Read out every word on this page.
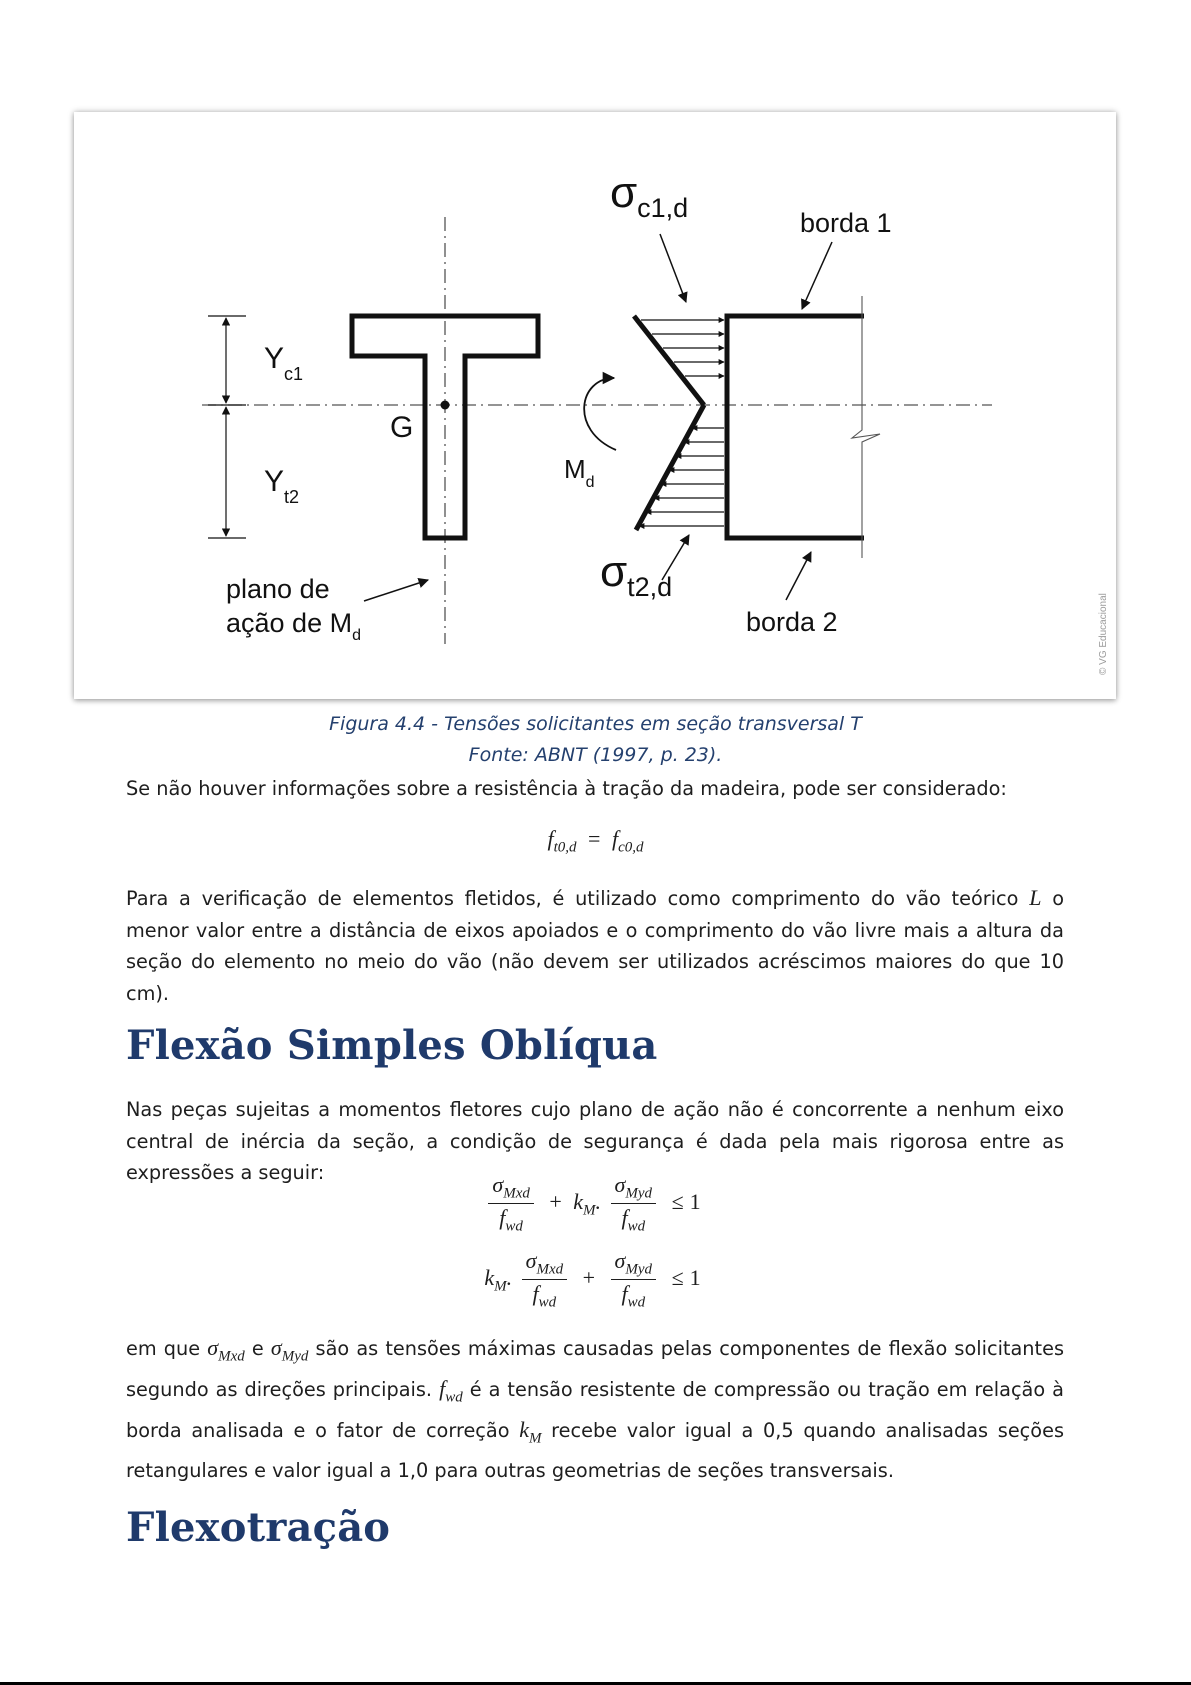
$Y_{c1}$
$Y_{t2}$
G
$M_d$
$\sigma_{c1,d}$
$\sigma_{t2,d}$
borda 1
borda 2
plano de
ação de $M_d$	© VG Educacional
Figura 4.4 - Tensões solicitantes em seção transversal T
Fonte: ABNT (1997, p. 23).

Se não houver informações sobre a resistência à tração da madeira, pode ser considerado:

$f_{t0,d} = f_{c0,d}$

Para a verificação de elementos fletidos, é utilizado como comprimento do vão teórico L o menor valor entre a distância de eixos apoiados e o comprimento do vão livre mais a altura da seção do elemento no meio do vão (não devem ser utilizados acréscimos maiores do que 10 cm).

Flexão Simples Oblíqua

Nas peças sujeitas a momentos fletores cujo plano de ação não é concorrente a nenhum eixo central de inércia da seção, a condição de segurança é dada pela mais rigorosa entre as expressões a seguir:	$\frac{\sigma_{Mxd}}{f_{wd}} + k_M$. $\frac{\sigma_{Myd}}{f_{wd}} \le 1$
$k_M$. $\frac{\sigma_{Mxd}}{f_{wd}} + \frac{\sigma_{Myd}}{f_{wd}} \le 1$

em que $\sigma_{Mxd}$ e $\sigma_{Myd}$ são as tensões máximas causadas pelas componentes de flexão solicitantes segundo as direções principais. $f_{wd}$ é a tensão resistente de compressão ou tração em relação à borda analisada e o fator de correção $k_M$ recebe valor igual a 0,5 quando analisadas seções retangulares e valor igual a 1,0 para outras geometrias de seções transversais.

Flexotração
